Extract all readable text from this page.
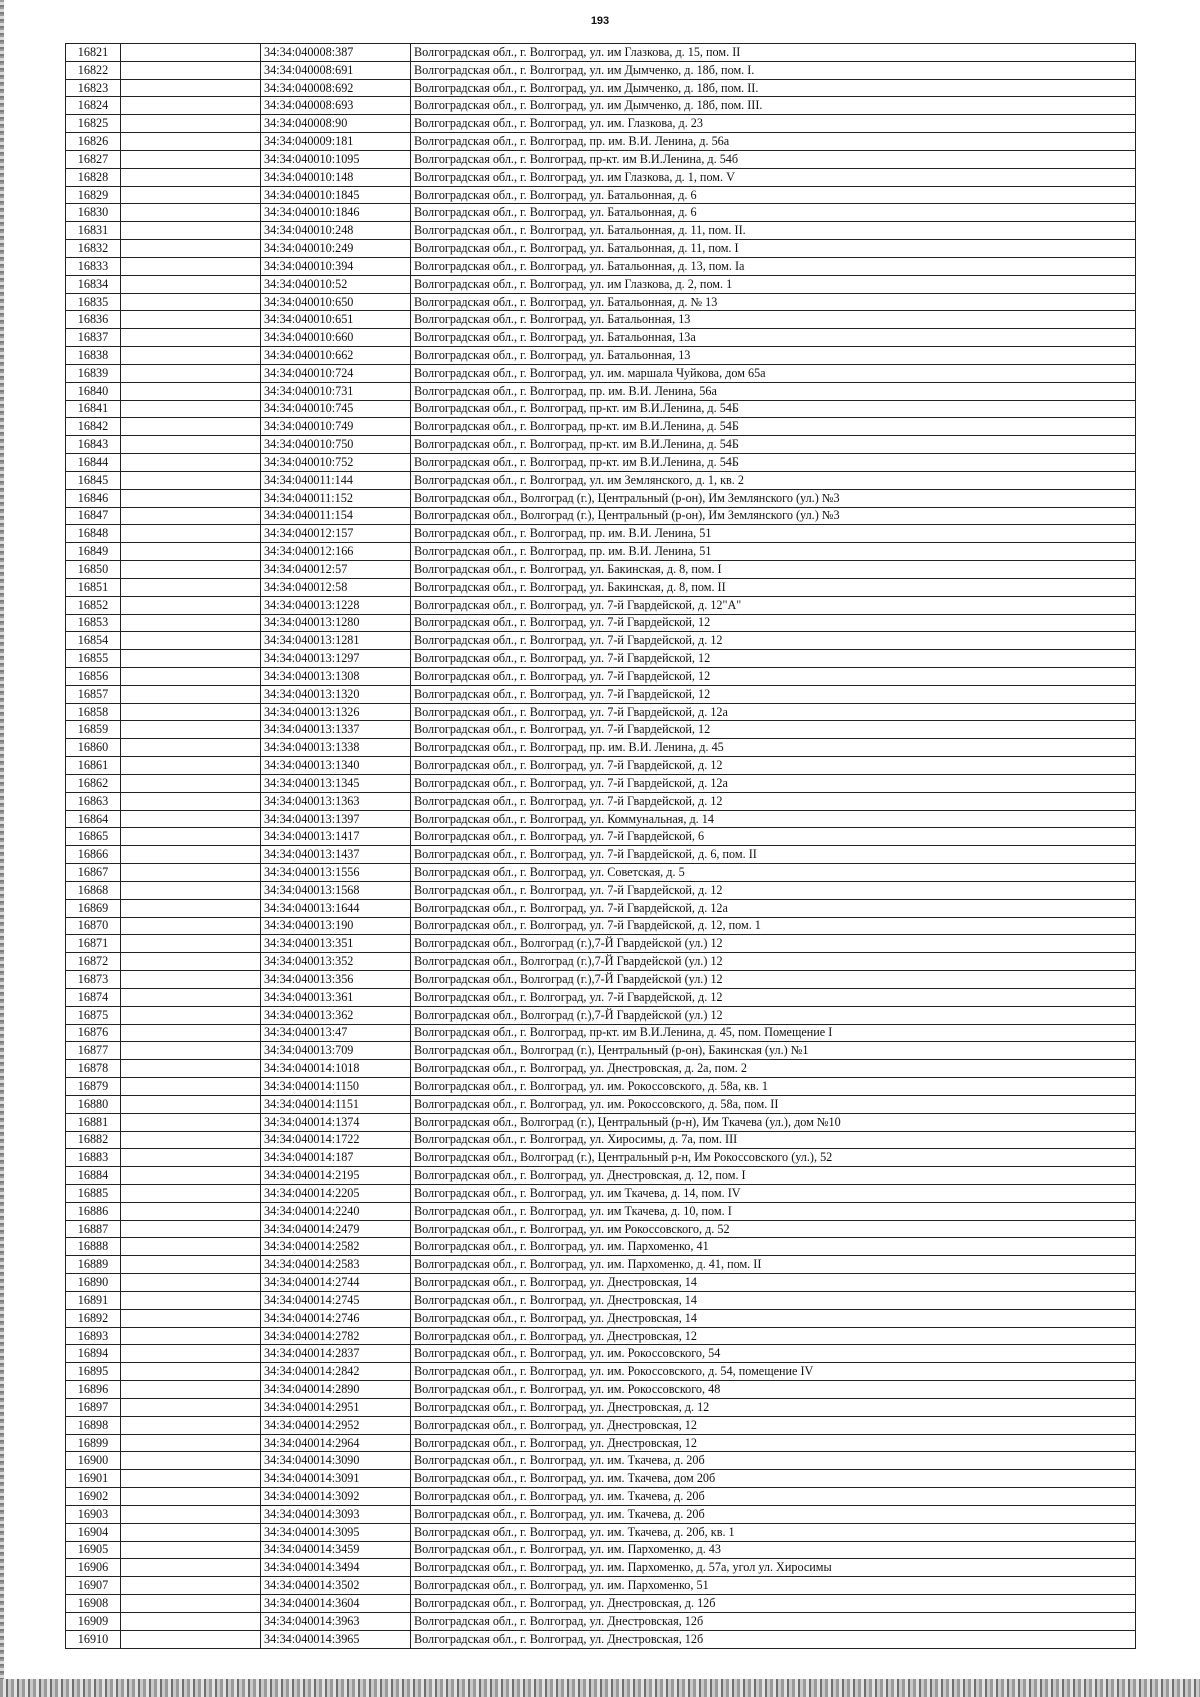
193
16821		34:34:040008:387	Волгоградская обл., г. Волгоград, ул. им Глазкова, д. 15, пом. II
16822		34:34:040008:691	Волгоградская обл., г. Волгоград, ул. им Дымченко, д. 18б, пом. I.
16823		34:34:040008:692	Волгоградская обл., г. Волгоград, ул. им Дымченко, д. 18б, пом. II.
16824		34:34:040008:693	Волгоградская обл., г. Волгоград, ул. им Дымченко, д. 18б, пом. III.
16825		34:34:040008:90	Волгоградская обл., г. Волгоград, ул. им. Глазкова, д. 23
16826		34:34:040009:181	Волгоградская обл., г. Волгоград, пр. им. В.И. Ленина, д. 56а
16827		34:34:040010:1095	Волгоградская обл., г. Волгоград, пр-кт. им В.И.Ленина, д. 54б
16828		34:34:040010:148	Волгоградская обл., г. Волгоград, ул. им Глазкова, д. 1, пом. V
16829		34:34:040010:1845	Волгоградская обл., г. Волгоград, ул. Батальонная, д. 6
16830		34:34:040010:1846	Волгоградская обл., г. Волгоград, ул. Батальонная, д. 6
16831		34:34:040010:248	Волгоградская обл., г. Волгоград, ул. Батальонная, д. 11, пом. II.
16832		34:34:040010:249	Волгоградская обл., г. Волгоград, ул. Батальонная, д. 11, пом. I
16833		34:34:040010:394	Волгоградская обл., г. Волгоград, ул. Батальонная, д. 13, пом. Iа
16834		34:34:040010:52	Волгоградская обл., г. Волгоград, ул. им Глазкова, д. 2, пом. 1
16835		34:34:040010:650	Волгоградская обл., г. Волгоград, ул. Батальонная, д. № 13
16836		34:34:040010:651	Волгоградская обл., г. Волгоград, ул. Батальонная, 13
16837		34:34:040010:660	Волгоградская обл., г. Волгоград, ул. Батальонная, 13а
16838		34:34:040010:662	Волгоградская обл., г. Волгоград, ул. Батальонная, 13
16839		34:34:040010:724	Волгоградская обл., г. Волгоград, ул. им. маршала Чуйкова, дом 65а
16840		34:34:040010:731	Волгоградская обл., г. Волгоград, пр. им. В.И. Ленина, 56а
16841		34:34:040010:745	Волгоградская обл., г. Волгоград, пр-кт. им В.И.Ленина, д. 54Б
16842		34:34:040010:749	Волгоградская обл., г. Волгоград, пр-кт. им В.И.Ленина, д. 54Б
16843		34:34:040010:750	Волгоградская обл., г. Волгоград, пр-кт. им В.И.Ленина, д. 54Б
16844		34:34:040010:752	Волгоградская обл., г. Волгоград, пр-кт. им В.И.Ленина, д. 54Б
16845		34:34:040011:144	Волгоградская обл., г. Волгоград, ул. им Землянского, д. 1, кв. 2
16846		34:34:040011:152	Волгоградская обл., Волгоград (г.), Центральный (р-он), Им Землянского (ул.) №3
16847		34:34:040011:154	Волгоградская обл., Волгоград (г.), Центральный (р-он), Им Землянского (ул.) №3
16848		34:34:040012:157	Волгоградская обл., г. Волгоград, пр. им. В.И. Ленина, 51
16849		34:34:040012:166	Волгоградская обл., г. Волгоград, пр. им. В.И. Ленина, 51
16850		34:34:040012:57	Волгоградская обл., г. Волгоград, ул. Бакинская, д. 8, пом. I
16851		34:34:040012:58	Волгоградская обл., г. Волгоград, ул. Бакинская, д. 8, пом. II
16852		34:34:040013:1228	Волгоградская обл., г. Волгоград, ул. 7-й Гвардейской, д. 12"А"
16853		34:34:040013:1280	Волгоградская обл., г. Волгоград, ул. 7-й Гвардейской, 12
16854		34:34:040013:1281	Волгоградская обл., г. Волгоград, ул. 7-й Гвардейской, д. 12
16855		34:34:040013:1297	Волгоградская обл., г. Волгоград, ул. 7-й Гвардейской, 12
16856		34:34:040013:1308	Волгоградская обл., г. Волгоград, ул. 7-й Гвардейской, 12
16857		34:34:040013:1320	Волгоградская обл., г. Волгоград, ул. 7-й Гвардейской, 12
16858		34:34:040013:1326	Волгоградская обл., г. Волгоград, ул. 7-й Гвардейской, д. 12а
16859		34:34:040013:1337	Волгоградская обл., г. Волгоград, ул. 7-й Гвардейской, 12
16860		34:34:040013:1338	Волгоградская обл., г. Волгоград, пр. им. В.И. Ленина, д. 45
16861		34:34:040013:1340	Волгоградская обл., г. Волгоград, ул. 7-й Гвардейской, д. 12
16862		34:34:040013:1345	Волгоградская обл., г. Волгоград, ул. 7-й Гвардейской, д. 12а
16863		34:34:040013:1363	Волгоградская обл., г. Волгоград, ул. 7-й Гвардейской, д. 12
16864		34:34:040013:1397	Волгоградская обл., г. Волгоград, ул. Коммунальная, д. 14
16865		34:34:040013:1417	Волгоградская обл., г. Волгоград, ул. 7-й Гвардейской, 6
16866		34:34:040013:1437	Волгоградская обл., г. Волгоград, ул. 7-й Гвардейской, д. 6, пом. II
16867		34:34:040013:1556	Волгоградская обл., г. Волгоград, ул. Советская, д. 5
16868		34:34:040013:1568	Волгоградская обл., г. Волгоград, ул. 7-й Гвардейской, д. 12
16869		34:34:040013:1644	Волгоградская обл., г. Волгоград, ул. 7-й Гвардейской, д. 12а
16870		34:34:040013:190	Волгоградская обл., г. Волгоград, ул. 7-й Гвардейской, д. 12, пом. 1
16871		34:34:040013:351	Волгоградская обл., Волгоград (г.),7-Й Гвардейской (ул.) 12
16872		34:34:040013:352	Волгоградская обл., Волгоград (г.),7-Й Гвардейской (ул.) 12
16873		34:34:040013:356	Волгоградская обл., Волгоград (г.),7-Й Гвардейской (ул.) 12
16874		34:34:040013:361	Волгоградская обл., г. Волгоград, ул. 7-й Гвардейской, д. 12
16875		34:34:040013:362	Волгоградская обл., Волгоград (г.),7-Й Гвардейской (ул.) 12
16876		34:34:040013:47	Волгоградская обл., г. Волгоград, пр-кт. им В.И.Ленина, д. 45, пом. Помещение I
16877		34:34:040013:709	Волгоградская обл., Волгоград (г.), Центральный (р-он), Бакинская (ул.) №1
16878		34:34:040014:1018	Волгоградская обл., г. Волгоград, ул. Днестровская, д. 2а, пом. 2
16879		34:34:040014:1150	Волгоградская обл., г. Волгоград, ул. им. Рокоссовского, д. 58а, кв. 1
16880		34:34:040014:1151	Волгоградская обл., г. Волгоград, ул. им. Рокоссовского, д. 58а, пом. II
16881		34:34:040014:1374	Волгоградская обл., Волгоград (г.), Центральный (р-н), Им Ткачева (ул.), дом №10
16882		34:34:040014:1722	Волгоградская обл., г. Волгоград, ул. Хиросимы, д. 7а, пом. III
16883		34:34:040014:187	Волгоградская обл., Волгоград (г.), Центральный р-н, Им Рокоссовского (ул.), 52
16884		34:34:040014:2195	Волгоградская обл., г. Волгоград, ул. Днестровская, д. 12, пом. I
16885		34:34:040014:2205	Волгоградская обл., г. Волгоград, ул. им Ткачева, д. 14, пом. IV
16886		34:34:040014:2240	Волгоградская обл., г. Волгоград, ул. им Ткачева, д. 10, пом. I
16887		34:34:040014:2479	Волгоградская обл., г. Волгоград, ул. им Рокоссовского, д. 52
16888		34:34:040014:2582	Волгоградская обл., г. Волгоград, ул. им. Пархоменко, 41
16889		34:34:040014:2583	Волгоградская обл., г. Волгоград, ул. им. Пархоменко, д. 41, пом. II
16890		34:34:040014:2744	Волгоградская обл., г. Волгоград, ул. Днестровская, 14
16891		34:34:040014:2745	Волгоградская обл., г. Волгоград, ул. Днестровская, 14
16892		34:34:040014:2746	Волгоградская обл., г. Волгоград, ул. Днестровская, 14
16893		34:34:040014:2782	Волгоградская обл., г. Волгоград, ул. Днестровская, 12
16894		34:34:040014:2837	Волгоградская обл., г. Волгоград, ул. им. Рокоссовского, 54
16895		34:34:040014:2842	Волгоградская обл., г. Волгоград, ул. им. Рокоссовского, д. 54, помещение IV
16896		34:34:040014:2890	Волгоградская обл., г. Волгоград, ул. им. Рокоссовского, 48
16897		34:34:040014:2951	Волгоградская обл., г. Волгоград, ул. Днестровская, д. 12
16898		34:34:040014:2952	Волгоградская обл., г. Волгоград, ул. Днестровская, 12
16899		34:34:040014:2964	Волгоградская обл., г. Волгоград, ул. Днестровская, 12
16900		34:34:040014:3090	Волгоградская обл., г. Волгоград, ул. им. Ткачева, д. 20б
16901		34:34:040014:3091	Волгоградская обл., г. Волгоград, ул. им. Ткачева, дом 20б
16902		34:34:040014:3092	Волгоградская обл., г. Волгоград, ул. им. Ткачева, д. 20б
16903		34:34:040014:3093	Волгоградская обл., г. Волгоград, ул. им. Ткачева, д. 20б
16904		34:34:040014:3095	Волгоградская обл., г. Волгоград, ул. им. Ткачева, д. 20б, кв. 1
16905		34:34:040014:3459	Волгоградская обл., г. Волгоград, ул. им. Пархоменко, д. 43
16906		34:34:040014:3494	Волгоградская обл., г. Волгоград, ул. им. Пархоменко, д. 57а, угол ул. Хиросимы
16907		34:34:040014:3502	Волгоградская обл., г. Волгоград, ул. им. Пархоменко, 51
16908		34:34:040014:3604	Волгоградская обл., г. Волгоград, ул. Днестровская, д. 12б
16909		34:34:040014:3963	Волгоградская обл., г. Волгоград, ул. Днестровская, 12б
16910		34:34:040014:3965	Волгоградская обл., г. Волгоград, ул. Днестровская, 12б
